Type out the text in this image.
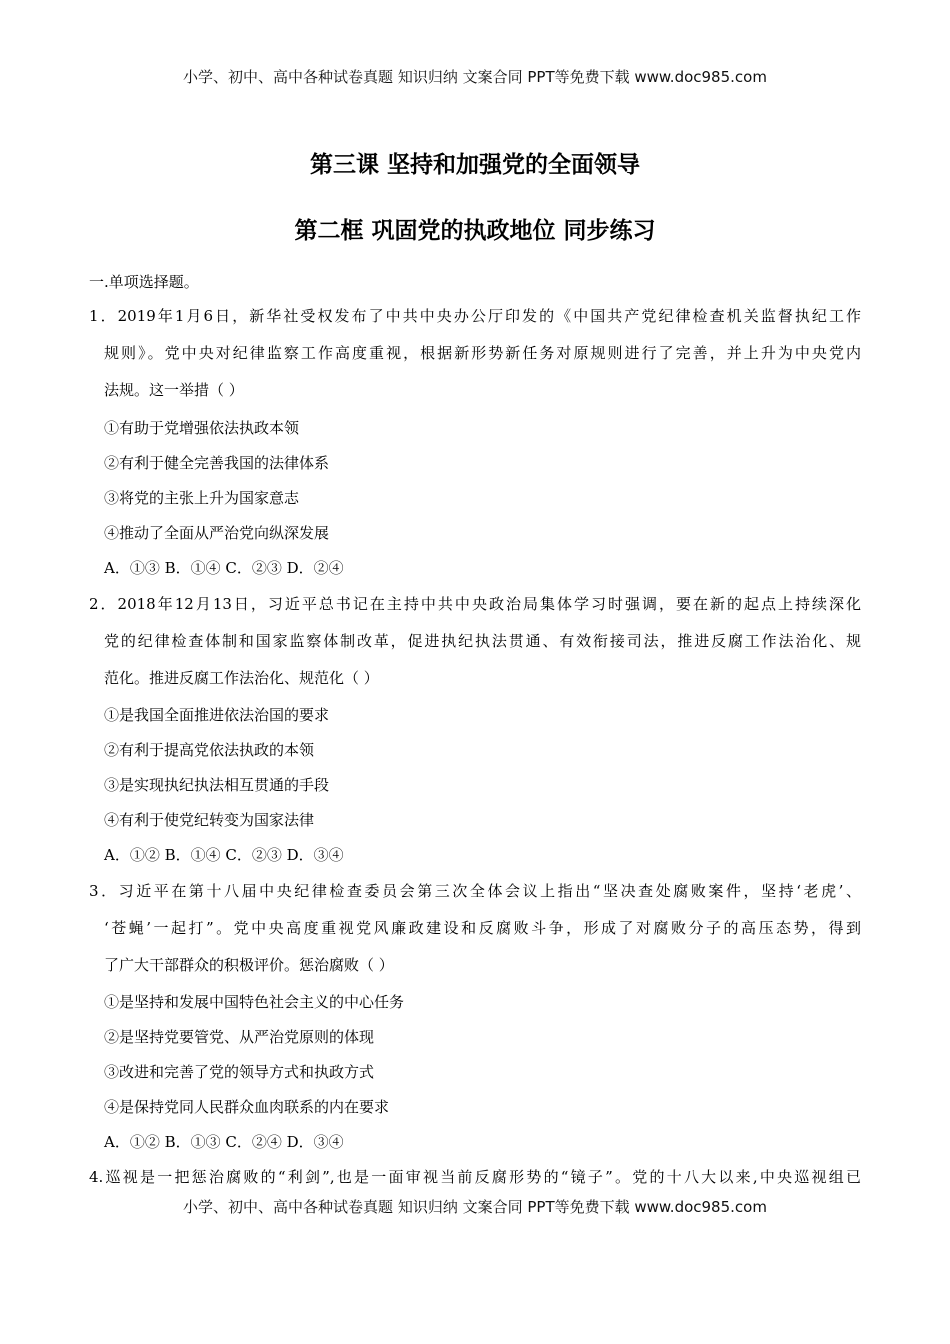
小学、初中、高中各种试卷真题 知识归纳 文案合同 PPT等免费下载 www.doc985.com
第三课 坚持和加强党的全面领导
第二框 巩固党的执政地位 同步练习
一.单项选择题。
1．2019年1月6日，新华社受权发布了中共中央办公厅印发的《中国共产党纪律检查机关监督执纪工作
规则》。党中央对纪律监察工作高度重视，根据新形势新任务对原规则进行了完善，并上升为中央党内
法规。这一举措（ ）
①有助于党增强依法执政本领
②有利于健全完善我国的法律体系
③将党的主张上升为国家意志
④推动了全面从严治党向纵深发展
A．①③ B．①④ C．②③ D．②④
2．2018年12月13日，习近平总书记在主持中共中央政治局集体学习时强调，要在新的起点上持续深化
党的纪律检查体制和国家监察体制改革，促进执纪执法贯通、有效衔接司法，推进反腐工作法治化、规
范化。推进反腐工作法治化、规范化（ ）
①是我国全面推进依法治国的要求
②有利于提高党依法执政的本领
③是实现执纪执法相互贯通的手段
④有利于使党纪转变为国家法律
A．①② B．①④ C．②③ D．③④
3．习近平在第十八届中央纪律检查委员会第三次全体会议上指出“坚决查处腐败案件，坚持‘老虎’、
‘苍蝇’一起打”。党中央高度重视党风廉政建设和反腐败斗争，形成了对腐败分子的高压态势，得到
了广大干部群众的积极评价。惩治腐败（ ）
①是坚持和发展中国特色社会主义的中心任务
②是坚持党要管党、从严治党原则的体现
③改进和完善了党的领导方式和执政方式
④是保持党同人民群众血肉联系的内在要求
A．①② B．①③ C．②④ D．③④
4.巡视是一把惩治腐败的“利剑”,也是一面审视当前反腐形势的“镜子”。党的十八大以来,中央巡视组已
小学、初中、高中各种试卷真题 知识归纳 文案合同 PPT等免费下载 www.doc985.com
